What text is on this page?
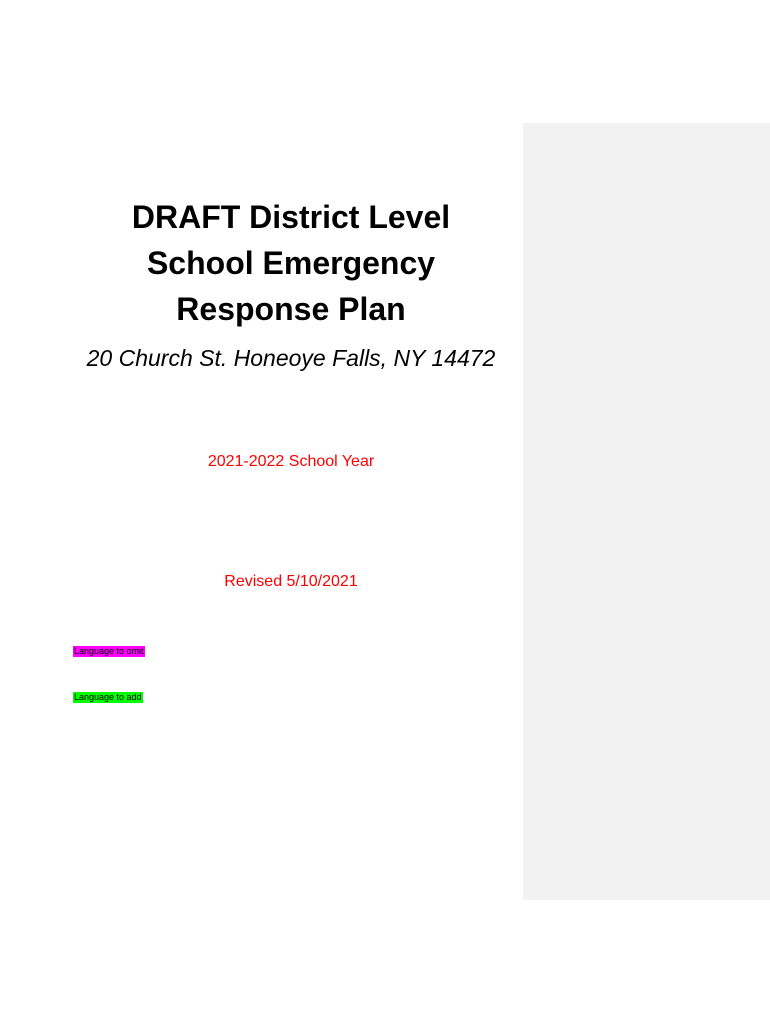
DRAFT District Level
School Emergency
Response Plan
20 Church St. Honeoye Falls, NY 14472
2021-2022 School Year
Revised 5/10/2021
Language to omit
Language to add
